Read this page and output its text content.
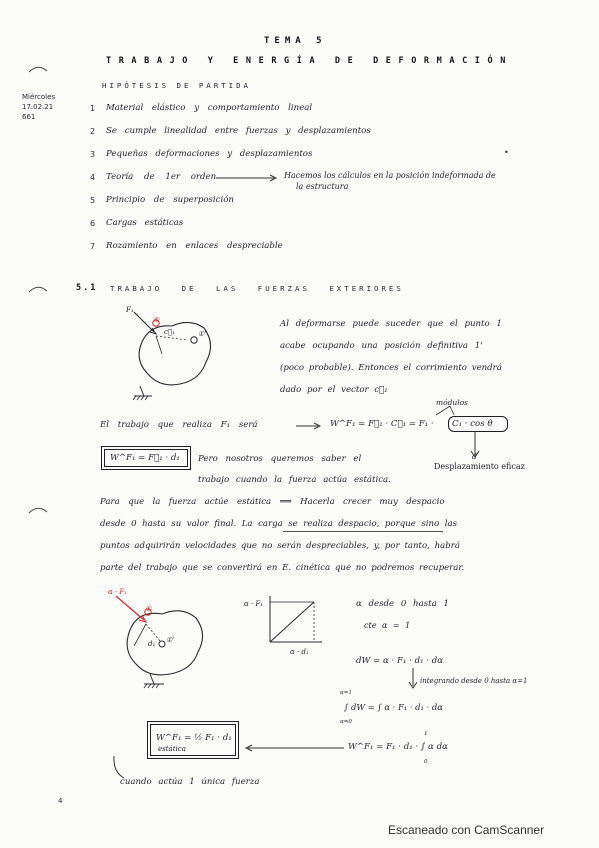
TEMA 5
TRABAJO Y ENERGÍA DE DEFORMACIÓN
HIPÓTESIS DE PARTIDA
Miércoles
17.02.21
661
1 Material elástico y comportamiento lineal
2 Se cumple linealidad entre fuerzas y desplazamientos
3 Pequeñas deformaciones y desplazamientos
4 Teoría de 1er orden
5 Principio de superposición
6 Cargas estáticas
7 Rozamiento en enlaces despreciable
Hacemos los cálculos en la posición indeformada de
la estructura
•
5.1 TRABAJO DE LAS FUERZAS EXTERIORES
F₁
①
①'
c⃗₁
Al deformarse puede suceder que el punto 1
acabe ocupando una posición definitiva 1'
(poco probable). Entonces el corrimiento vendrá
dado por el vector c⃗₁
El trabajo que realiza F₁ será	W^F₁ = F⃗₁ · C⃗₁ = F₁ · C₁ · cos θ
módulos
d
Desplazamiento eficaz
W^F₁ = F⃗₁ · d₁ Pero nosotros queremos saber el
trabajo cuando la fuerza actúa estática.
Para que la fuerza actúe estática ⟹ Hacerla crecer muy despacio
desde 0 hasta su valor final. La carga se realiza despacio, porque sino las
puntos adquirirán velocidades que no serán despreciables, y, por tanto, habrá
parte del trabajo que se convertirá en E. cinética que no podremos recuperar.
α · F₁
①
①'
d₁
α · F₁
α · d₁
α desde 0 hasta 1
cte α = 1
dW = α · F₁ · d₁ · dα
integrando desde 0 hasta α=1
α=1
∫ dW = ∫ α · F₁ · d₁ · dα
α=0
W^F₁ = F₁ · d₁ · ∫ α dα
1
0
W^F₁ = ½ F₁ · d₁
estática
cuando actúa 1 única fuerza
4
Escaneado con CamScanner
